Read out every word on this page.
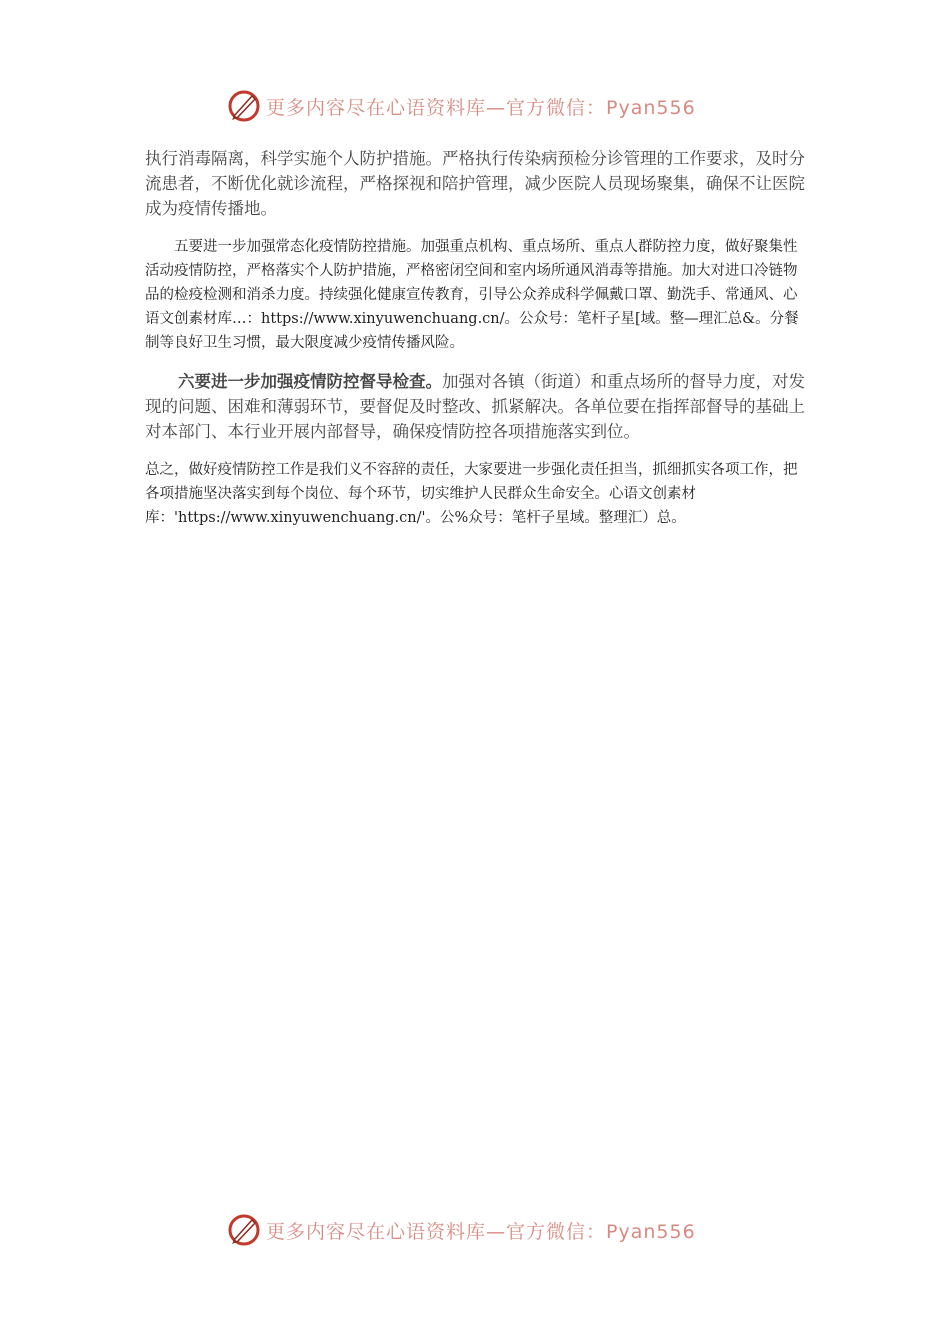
更多内容尽在心语资料库—官方微信：Pyan556

执行消毒隔离，科学实施个人防护措施。严格执行传染病预检分诊管理的工作要求，及时分流患者，不断优化就诊流程，严格探视和陪护管理，减少医院人员现场聚集，确保不让医院成为疫情传播地。

五要进一步加强常态化疫情防控措施。加强重点机构、重点场所、重点人群防控力度，做好聚集性活动疫情防控，严格落实个人防护措施，严格密闭空间和室内场所通风消毒等措施。加大对进口冷链物品的检疫检测和消杀力度。持续强化健康宣传教育，引导公众养成科学佩戴口罩、勤洗手、常通风、心语文创素材库…：https://www.xinyuwenchuang.cn/。公众号：笔杆子星[域。整—理汇总&。分餐制等良好卫生习惯，最大限度减少疫情传播风险。

六要进一步加强疫情防控督导检查。加强对各镇（街道）和重点场所的督导力度，对发现的问题、困难和薄弱环节，要督促及时整改、抓紧解决。各单位要在指挥部督导的基础上对本部门、本行业开展内部督导，确保疫情防控各项措施落实到位。

总之，做好疫情防控工作是我们义不容辞的责任，大家要进一步强化责任担当，抓细抓实各项工作，把各项措施坚决落实到每个岗位、每个环节，切实维护人民群众生命安全。心语文创素材库：'https://www.xinyuwenchuang.cn/'。公%众号：笔杆子星域。整理汇）总。

更多内容尽在心语资料库—官方微信：Pyan556
